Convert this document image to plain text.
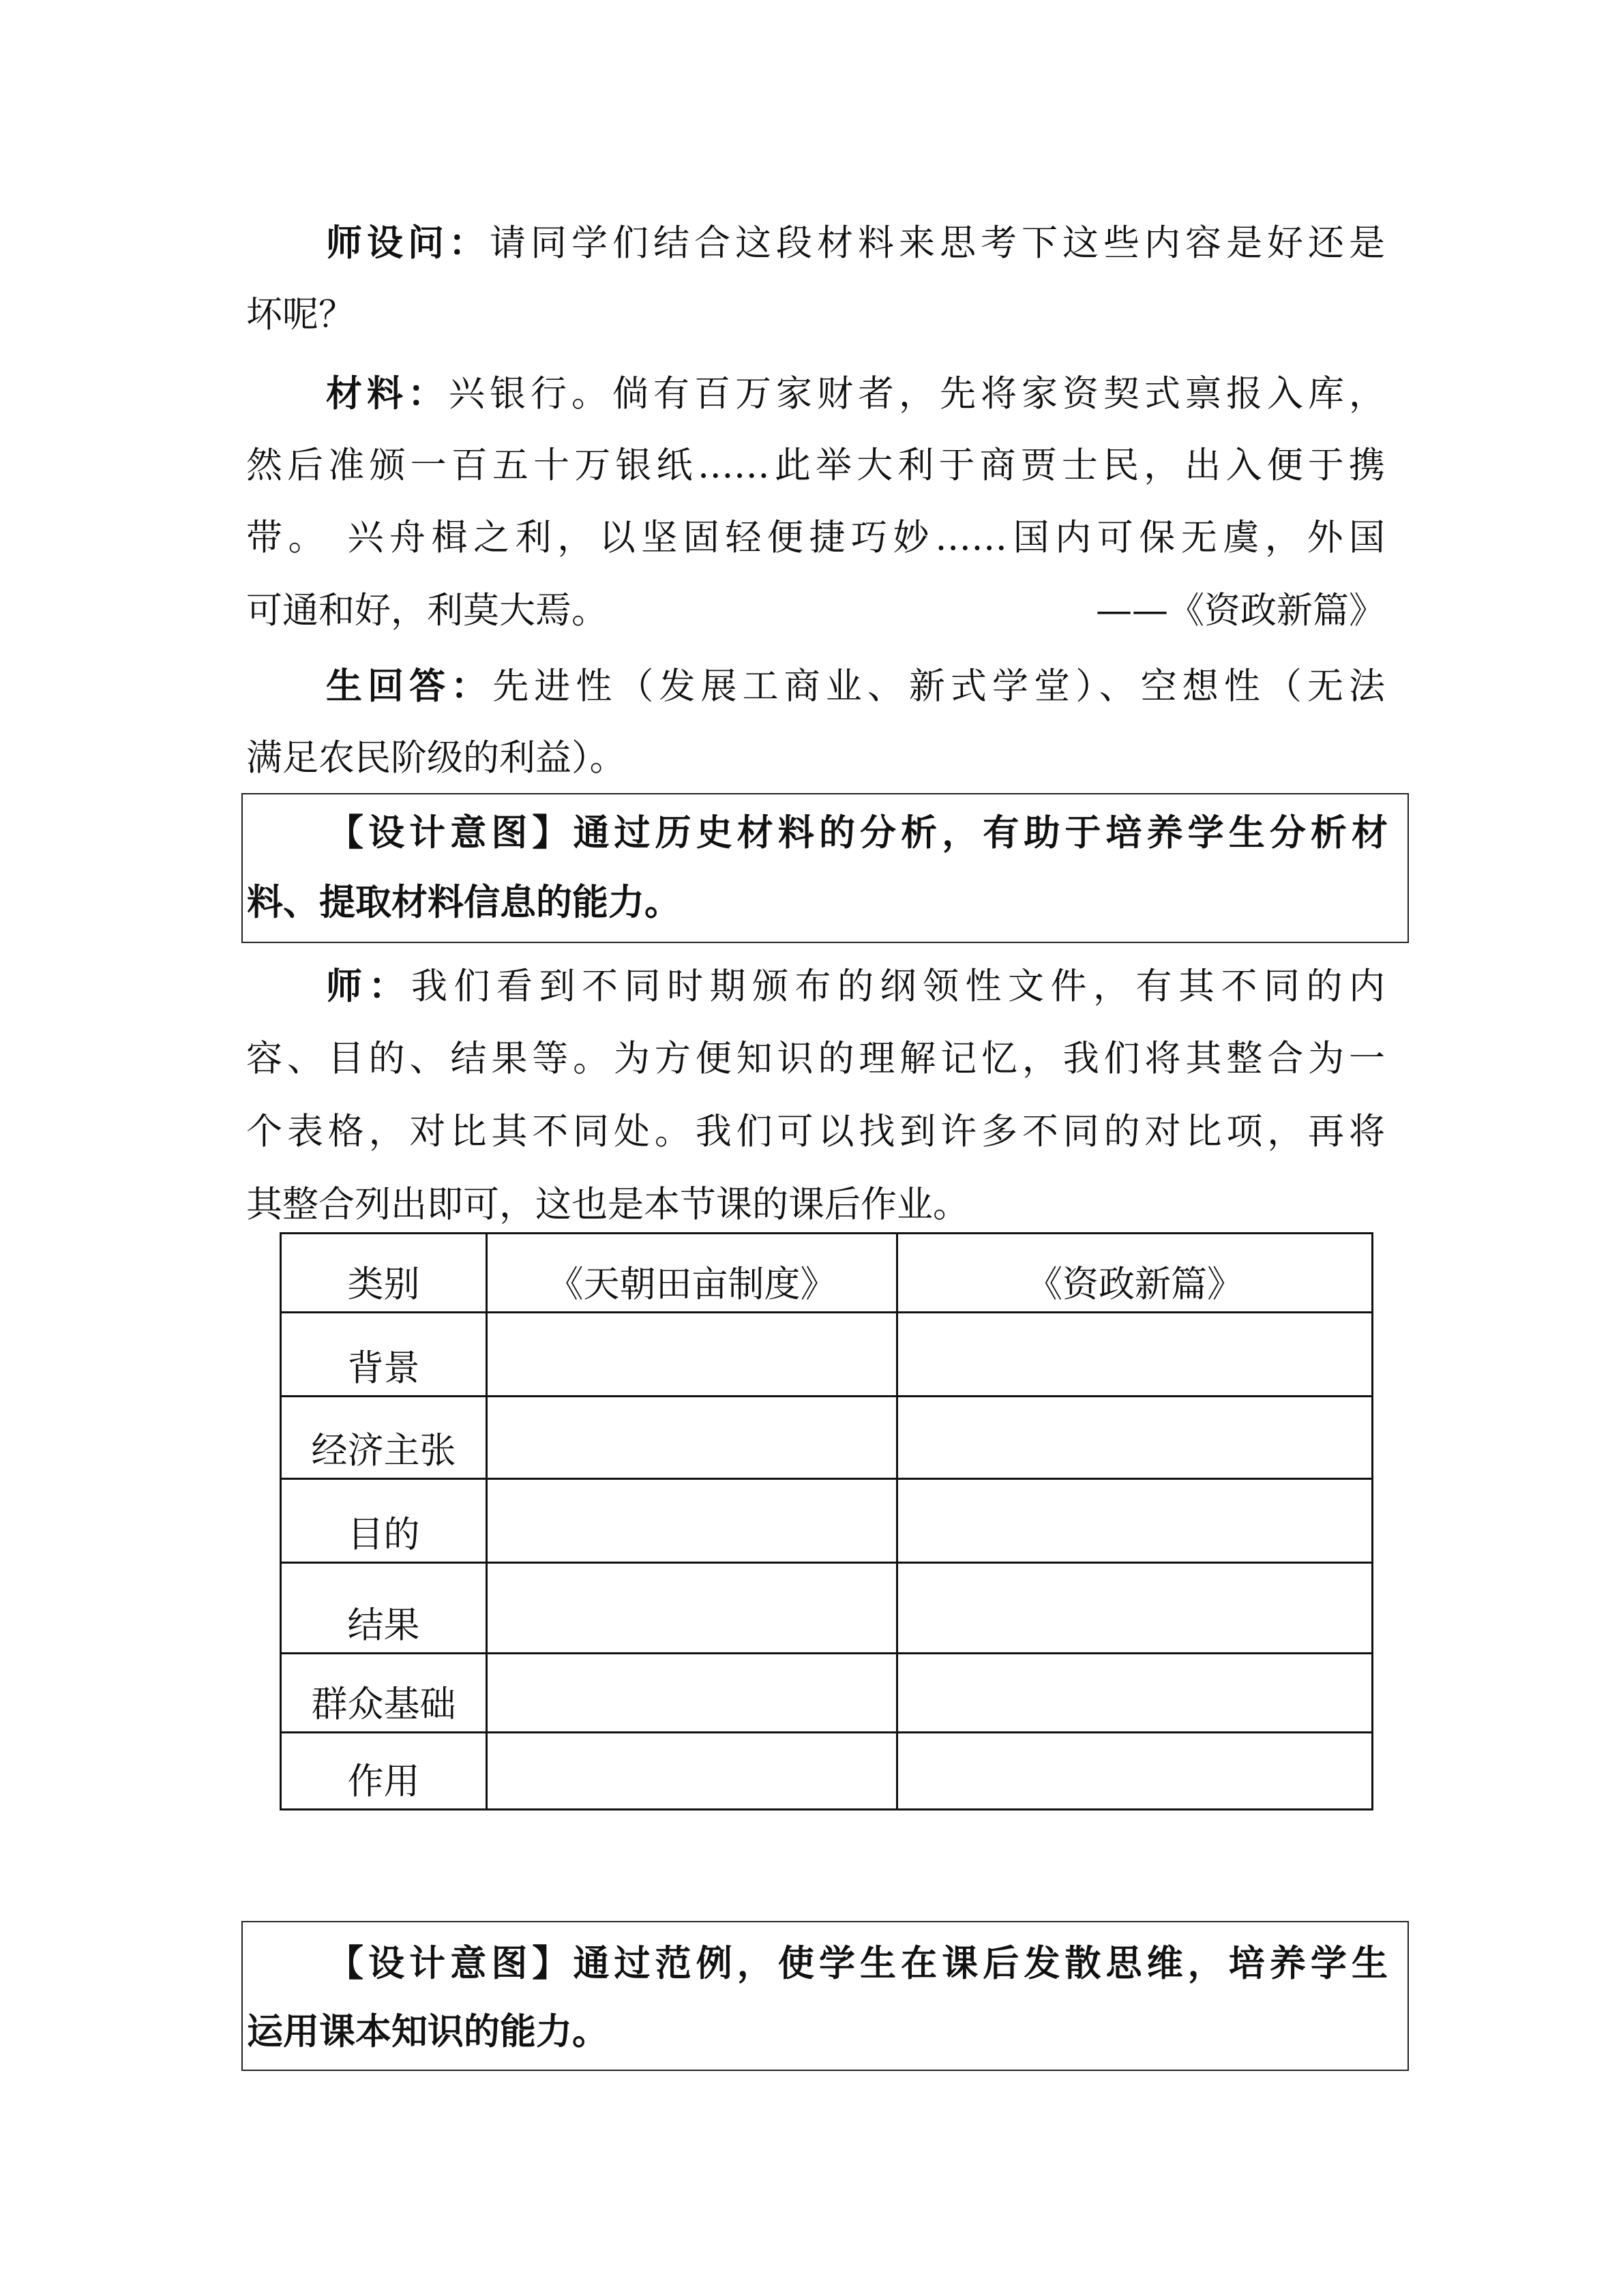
师设问：请同学们结合这段材料来思考下这些内容是好还是
坏呢？
材料：兴银行。倘有百万家财者，先将家资契式禀报入库，
然后准颁一百五十万银纸……此举大利于商贾士民，出入便于携
带。 兴舟楫之利，以坚固轻便捷巧妙……国内可保无虞，外国
可通和好，利莫大焉。	——《资政新篇》
生回答：先进性（发展工商业、新式学堂）、空想性（无法
满足农民阶级的利益）。
【设计意图】通过历史材料的分析，有助于培养学生分析材
料、提取材料信息的能力。
师：我们看到不同时期颁布的纲领性文件，有其不同的内
容、目的、结果等。为方便知识的理解记忆，我们将其整合为一
个表格，对比其不同处。我们可以找到许多不同的对比项，再将
其整合列出即可，这也是本节课的课后作业。
类别	《天朝田亩制度》	《资政新篇》
背景		
经济主张		
目的		
结果		
群众基础		
作用		
【设计意图】通过范例，使学生在课后发散思维，培养学生
运用课本知识的能力。
